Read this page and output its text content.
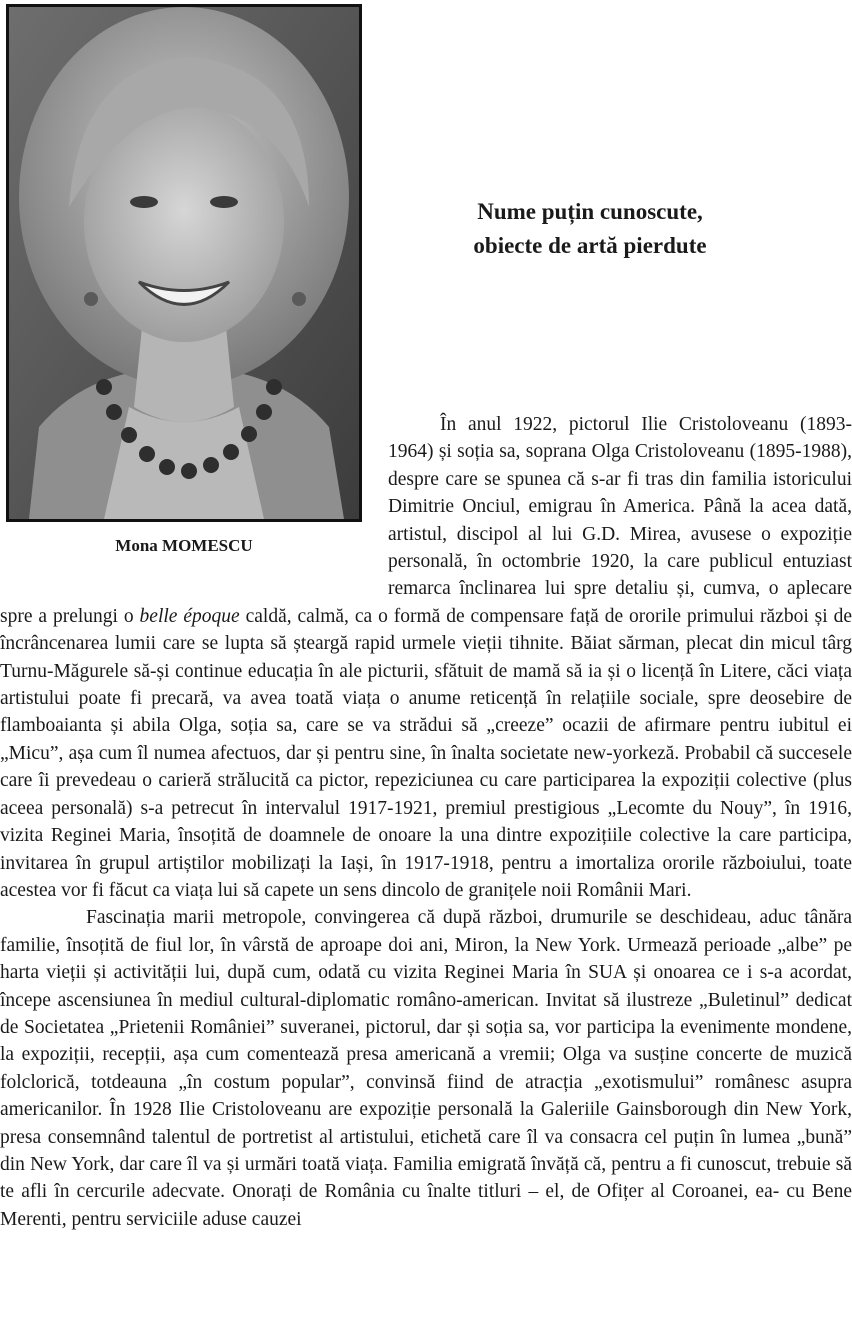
Mona MOMESCU

Nume puțin cunoscute,
obiecte de artă pierdute

În anul 1922, pictorul Ilie Cristoloveanu (1893-1964) și soția sa, soprana Olga Cristoloveanu (1895-1988), despre care se spunea că s-ar fi tras din familia istoricului Dimitrie Onciul, emigrau în America. Până la acea dată, artistul, discipol al lui G.D. Mirea, avusese o expoziție personală, în octombrie 1920, la care publicul entuziast remarca înclinarea lui spre detaliu și, cumva, o aplecare spre a prelungi o belle époque caldă, calmă, ca o formă de compensare față de ororile primului război și de încrâncenarea lumii care se lupta să șteargă rapid urmele vieții tihnite. Băiat sărman, plecat din micul târg Turnu-Măgurele să-și continue educația în ale picturii, sfătuit de mamă să ia și o licență în Litere, căci viața artistului poate fi precară, va avea toată viața o anume reticență în relațiile sociale, spre deosebire de flamboaianta și abila Olga, soția sa, care se va strădui să „creeze” ocazii de afirmare pentru iubitul ei „Micu”, așa cum îl numea afectuos, dar și pentru sine, în înalta societate new-yorkeză. Probabil că succesele care îi prevedeau o carieră strălucită ca pictor, repeziciunea cu care participarea la expoziții colective (plus aceea personală) s-a petrecut în intervalul 1917-1921, premiul prestigious „Lecomte du Nouy”, în 1916, vizita Reginei Maria, însoțită de doamnele de onoare la una dintre expozițiile colective la care participa, invitarea în grupul artiștilor mobilizați la Iași, în 1917-1918, pentru a imortaliza ororile războiului, toate acestea vor fi făcut ca viața lui să capete un sens dincolo de granițele noii Românii Mari.

Fascinația marii metropole, convingerea că după război, drumurile se deschideau, aduc tânăra familie, însoțită de fiul lor, în vârstă de aproape doi ani, Miron, la New York. Urmează perioade „albe” pe harta vieții și activității lui, după cum, odată cu vizita Reginei Maria în SUA și onoarea ce i s-a acordat, începe ascensiunea în mediul cultural-diplomatic româno-american. Invitat să ilustreze „Buletinul” dedicat de Societatea „Prietenii României” suveranei, pictorul, dar și soția sa, vor participa la evenimente mondene, la expoziții, recepții, așa cum comentează presa americană a vremii; Olga va susține concerte de muzică folclorică, totdeauna „în costum popular”, convinsă fiind de atracția „exotismului” românesc asupra americanilor. În 1928 Ilie Cristoloveanu are expoziție personală la Galeriile Gainsborough din New York, presa consemnând talentul de portretist al artistului, etichetă care îl va consacra cel puțin în lumea „bună” din New York, dar care îl va și urmări toată viața. Familia emigrată învăță că, pentru a fi cunoscut, trebuie să te afli în cercurile adecvate. Onorați de România cu înalte titluri – el, de Ofițer al Coroanei, ea- cu Bene Merenti, pentru serviciile aduse cauzei
